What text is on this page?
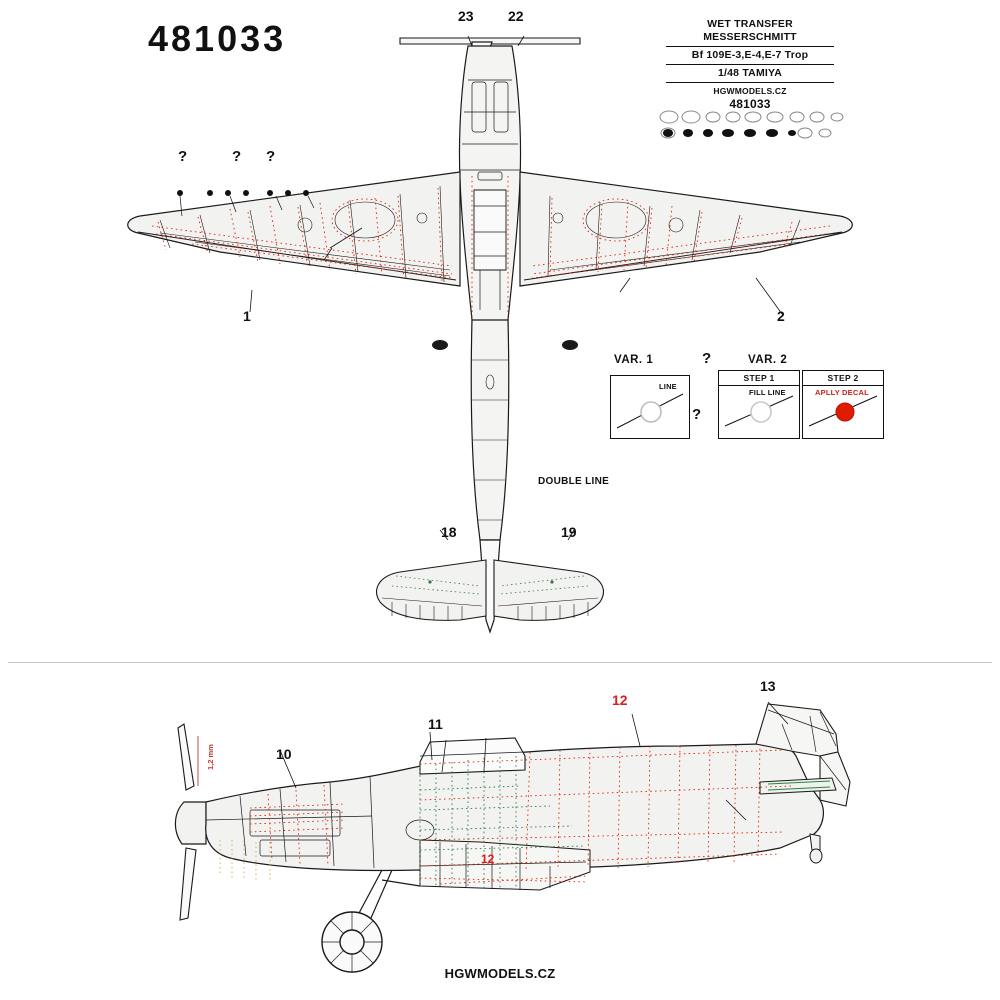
481033	WET TRANSFER
MESSERSCHMITT
Bf 109E-3,E-4,E-7 Trop
1/48 TAMIYA
HGWMODELS.CZ
481033
23 22
1	2
18	19
?	? ?
DOUBLE LINE
VAR. 1	VAR. 2
?
?
LINE
STEP 1
FILL LINE
STEP 2
APLLY DECAL
10
11
12
12
13
1,2 mm
HGWMODELS.CZ
